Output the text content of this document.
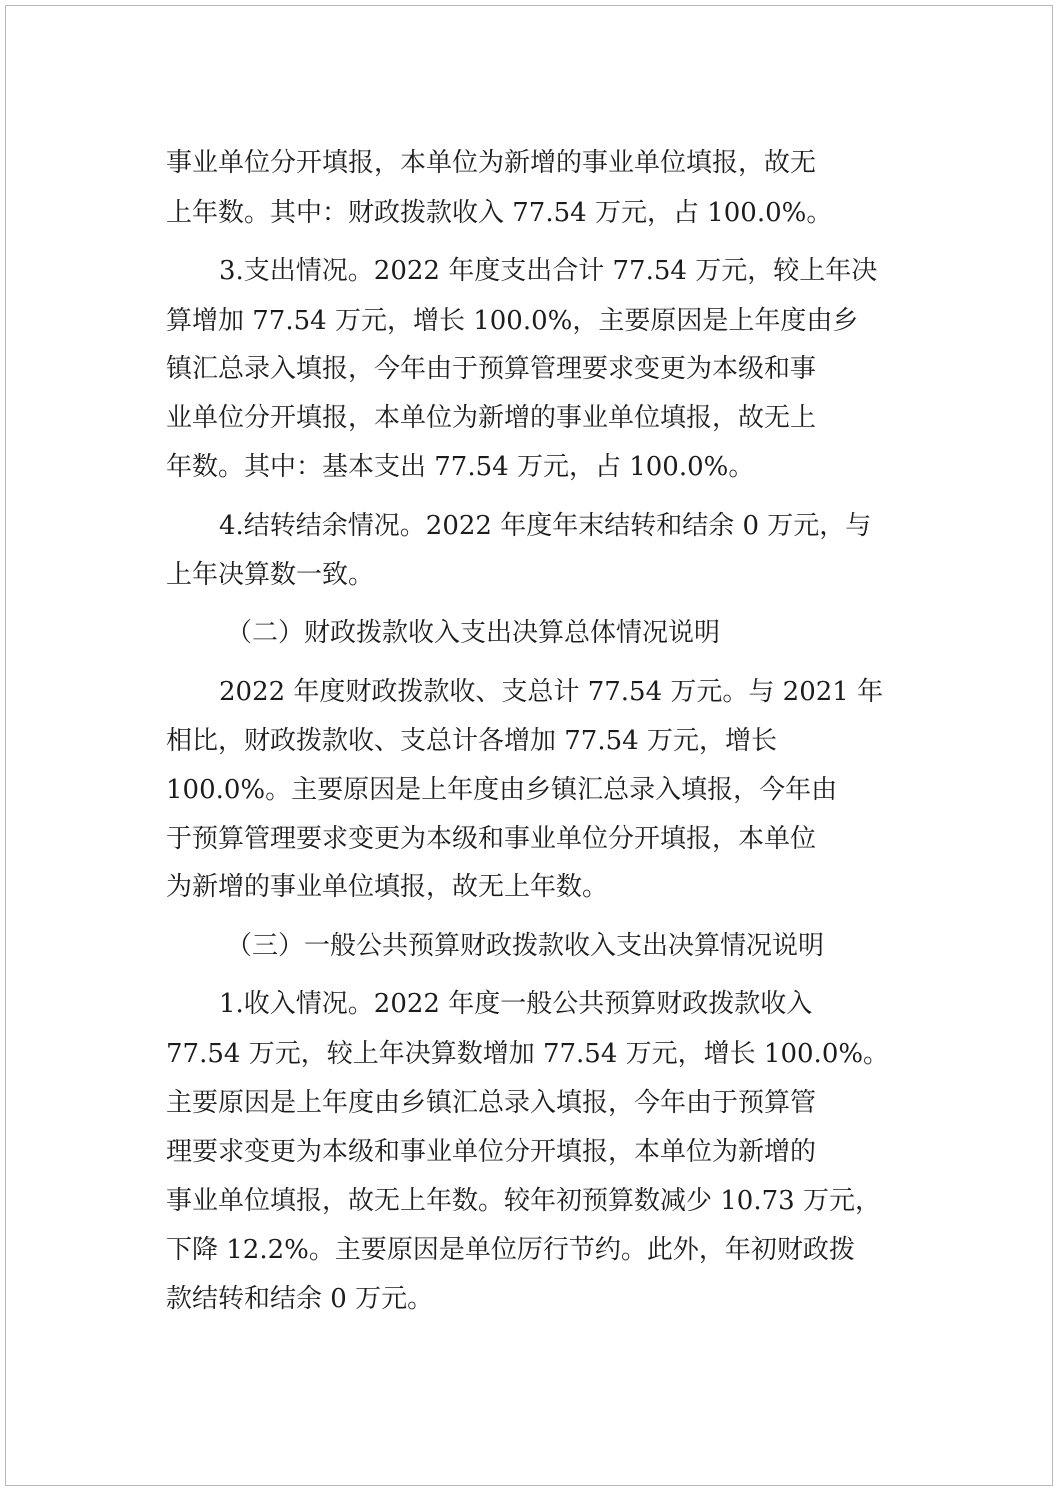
事业单位分开填报，本单位为新增的事业单位填报，故无

上年数。其中：财政拨款收入 77.54 万元，占 100.0%。

3.支出情况。2022 年度支出合计 77.54 万元，较上年决

算增加 77.54 万元，增长 100.0%，主要原因是上年度由乡

镇汇总录入填报，今年由于预算管理要求变更为本级和事

业单位分开填报，本单位为新增的事业单位填报，故无上

年数。其中：基本支出 77.54 万元，占 100.0%。

4.结转结余情况。2022 年度年末结转和结余 0 万元，与

上年决算数一致。

（二）财政拨款收入支出决算总体情况说明

2022 年度财政拨款收、支总计 77.54 万元。与 2021 年

相比，财政拨款收、支总计各增加 77.54 万元，增长

100.0%。主要原因是上年度由乡镇汇总录入填报，今年由

于预算管理要求变更为本级和事业单位分开填报，本单位

为新增的事业单位填报，故无上年数。

（三）一般公共预算财政拨款收入支出决算情况说明

1.收入情况。2022 年度一般公共预算财政拨款收入

77.54 万元，较上年决算数增加 77.54 万元，增长 100.0%。

主要原因是上年度由乡镇汇总录入填报，今年由于预算管

理要求变更为本级和事业单位分开填报，本单位为新增的

事业单位填报，故无上年数。较年初预算数减少 10.73 万元，

下降 12.2%。主要原因是单位厉行节约。此外，年初财政拨

款结转和结余 0 万元。
